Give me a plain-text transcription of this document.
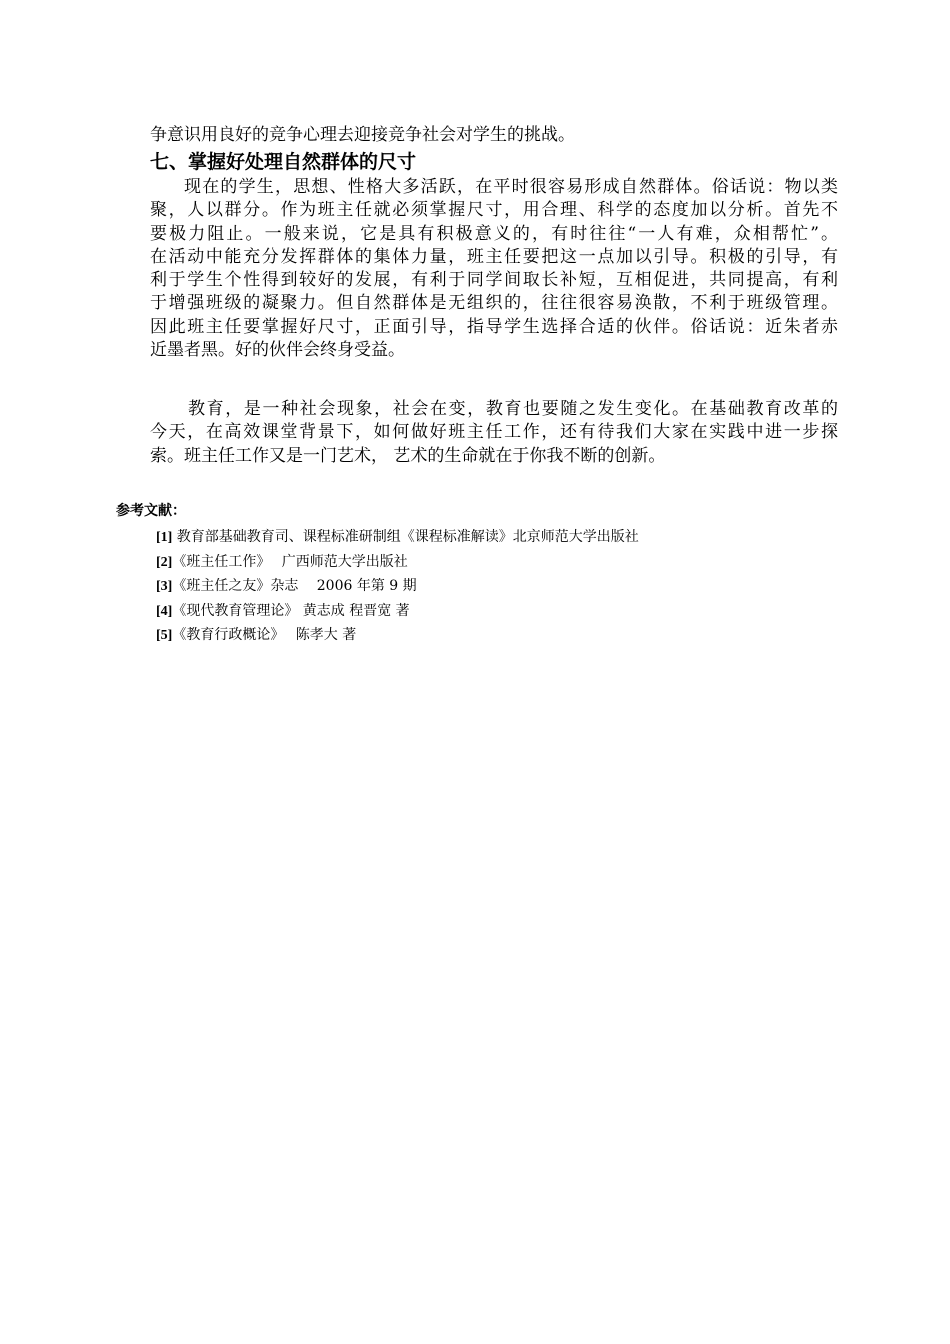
争意识用良好的竞争心理去迎接竞争社会对学生的挑战。
七、掌握好处理自然群体的尺寸
现在的学生，思想、性格大多活跃，在平时很容易形成自然群体。俗话说：物以类
聚，人以群分。作为班主任就必须掌握尺寸，用合理、科学的态度加以分析。首先不
要极力阻止。一般来说，它是具有积极意义的，有时往往“一人有难，众相帮忙”。
在活动中能充分发挥群体的集体力量，班主任要把这一点加以引导。积极的引导，有
利于学生个性得到较好的发展，有利于同学间取长补短，互相促进，共同提高，有利
于增强班级的凝聚力。但自然群体是无组织的，往往很容易涣散，不利于班级管理。
因此班主任要掌握好尺寸，正面引导，指导学生选择合适的伙伴。俗话说：近朱者赤
近墨者黑。好的伙伴会终身受益。
教育，是一种社会现象，社会在变，教育也要随之发生变化。在基础教育改革的
今天，在高效课堂背景下，如何做好班主任工作，还有待我们大家在实践中进一步探
索。班主任工作又是一门艺术， 艺术的生命就在于你我不断的创新。
参考文献：
[1] 教育部基础教育司、课程标准研制组《课程标准解读》北京师范大学出版社
[2]《班主任工作》　 广西师范大学出版社
[3]《班主任之友》杂志　 2006 年第 9 期
[4]《现代教育管理论》 黄志成 程晋宽 著
[5]《教育行政概论》　 陈孝大 著
